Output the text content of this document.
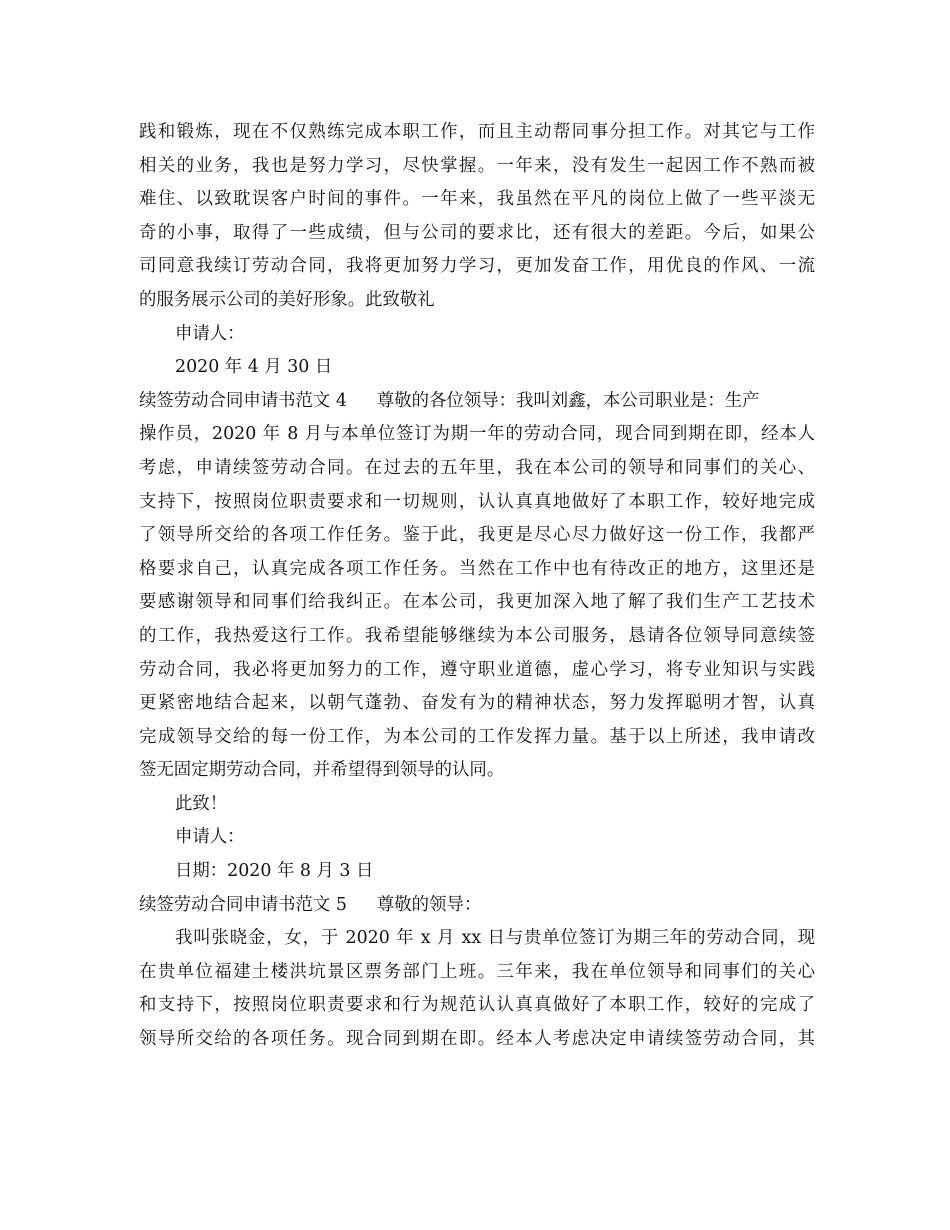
践和锻炼，现在不仅熟练完成本职工作，而且主动帮同事分担工作。对其它与工作
相关的业务，我也是努力学习，尽快掌握。一年来，没有发生一起因工作不熟而被
难住、以致耽误客户时间的事件。一年来，我虽然在平凡的岗位上做了一些平淡无
奇的小事，取得了一些成绩，但与公司的要求比，还有很大的差距。今后，如果公
司同意我续订劳动合同，我将更加努力学习，更加发奋工作，用优良的作风、一流
的服务展示公司的美好形象。此致敬礼
申请人：
2020 年 4 月 30 日
续签劳动合同申请书范文 4 尊敬的各位领导：我叫刘鑫，本公司职业是：生产
操作员，2020 年 8 月与本单位签订为期一年的劳动合同，现合同到期在即，经本人
考虑，申请续签劳动合同。在过去的五年里，我在本公司的领导和同事们的关心、
支持下，按照岗位职责要求和一切规则，认认真真地做好了本职工作，较好地完成
了领导所交给的各项工作任务。鉴于此，我更是尽心尽力做好这一份工作，我都严
格要求自己，认真完成各项工作任务。当然在工作中也有待改正的地方，这里还是
要感谢领导和同事们给我纠正。在本公司，我更加深入地了解了我们生产工艺技术
的工作，我热爱这行工作。我希望能够继续为本公司服务，恳请各位领导同意续签
劳动合同，我必将更加努力的工作，遵守职业道德，虚心学习，将专业知识与实践
更紧密地结合起来，以朝气蓬勃、奋发有为的精神状态，努力发挥聪明才智，认真
完成领导交给的每一份工作，为本公司的工作发挥力量。基于以上所述，我申请改
签无固定期劳动合同，并希望得到领导的认同。
此致！
申请人：
日期：2020 年 8 月 3 日
续签劳动合同申请书范文 5 尊敬的领导：
我叫张晓金，女，于 2020 年 x 月 xx 日与贵单位签订为期三年的劳动合同，现
在贵单位福建土楼洪坑景区票务部门上班。三年来，我在单位领导和同事们的关心
和支持下，按照岗位职责要求和行为规范认认真真做好了本职工作，较好的完成了
领导所交给的各项任务。现合同到期在即。经本人考虑决定申请续签劳动合同，其
